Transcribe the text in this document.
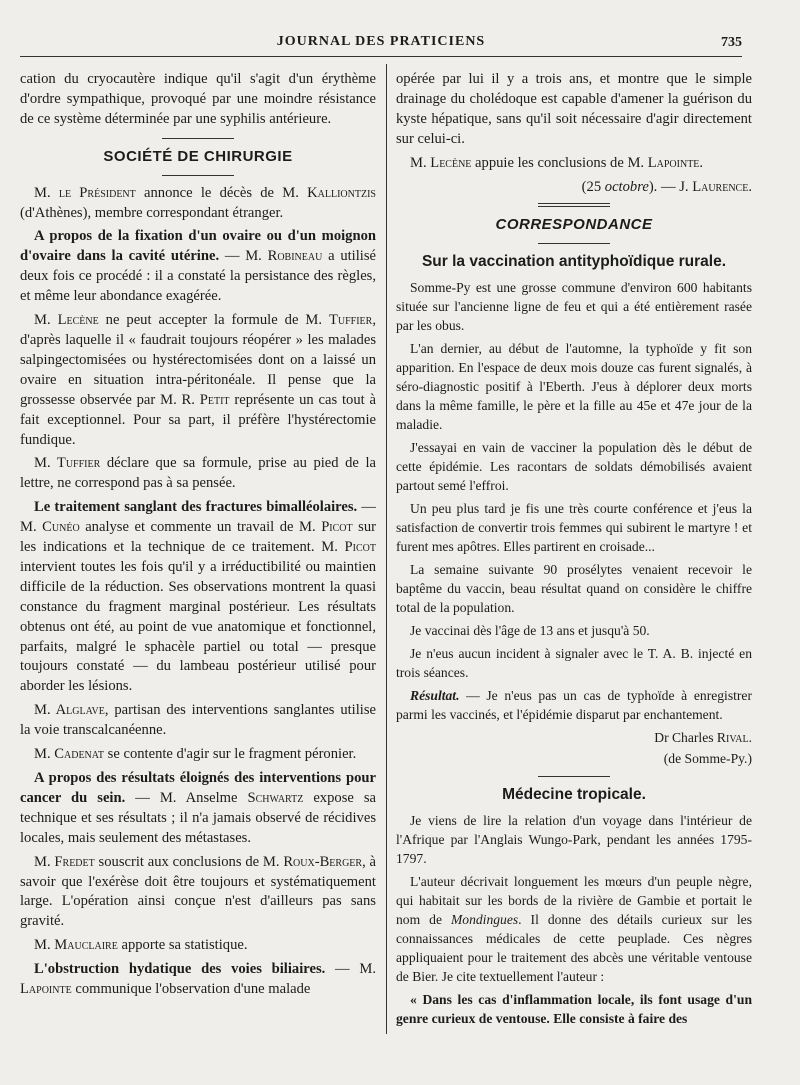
JOURNAL DES PRATICIENS	735

cation du cryocautère indique qu'il s'agit d'un érythème d'ordre sympathique, provoqué par une moindre résistance de ce système déterminée par une syphilis antérieure.

SOCIÉTÉ DE CHIRURGIE

M. le Président annonce le décès de M. Kalliontzis (d'Athènes), membre correspondant étranger.

A propos de la fixation d'un ovaire ou d'un moignon d'ovaire dans la cavité utérine. — M. Robineau a utilisé deux fois ce procédé : il a constaté la persistance des règles, et même leur abondance exagérée.

M. Lecène ne peut accepter la formule de M. Tuffier, d'après laquelle il « faudrait toujours réopérer » les malades salpingectomisées ou hystérectomisées dont on a laissé un ovaire en situation intra-péritonéale. Il pense que la grossesse observée par M. R. Petit représente un cas tout à fait exceptionnel. Pour sa part, il préfère l'hystérectomie fundique.

M. Tuffier déclare que sa formule, prise au pied de la lettre, ne correspond pas à sa pensée.

Le traitement sanglant des fractures bimalléolaires. — M. Cunéo analyse et commente un travail de M. Picot sur les indications et la technique de ce traitement. M. Picot intervient toutes les fois qu'il y a irréductibilité ou maintien difficile de la réduction. Ses observations montrent la quasi constance du fragment marginal postérieur. Les résultats obtenus ont été, au point de vue anatomique et fonctionnel, parfaits, malgré le sphacèle partiel ou total — presque toujours constaté — du lambeau postérieur utilisé pour aborder les lésions.

M. Alglave, partisan des interventions sanglantes utilise la voie transcalcanéenne.

M. Cadenat se contente d'agir sur le fragment péronier.

A propos des résultats éloignés des interventions pour cancer du sein. — M. Anselme Schwartz expose sa technique et ses résultats ; il n'a jamais observé de récidives locales, mais seulement des métastases.

M. Fredet souscrit aux conclusions de M. Roux-Berger, à savoir que l'exérèse doit être toujours et systématiquement large. L'opération ainsi conçue n'est d'ailleurs pas sans gravité.

M. Mauclaire apporte sa statistique.

L'obstruction hydatique des voies biliaires. — M. Lapointe communique l'observation d'une malade

opérée par lui il y a trois ans, et montre que le simple drainage du cholédoque est capable d'amener la guérison du kyste hépatique, sans qu'il soit nécessaire d'agir directement sur celui-ci.

M. Lecène appuie les conclusions de M. Lapointe.

(25 octobre). — J. Laurence.

CORRESPONDANCE
Sur la vaccination antityphoïdique rurale.

Somme-Py est une grosse commune d'environ 600 habitants située sur l'ancienne ligne de feu et qui a été entièrement rasée par les obus.

L'an dernier, au début de l'automne, la typhoïde y fit son apparition. En l'espace de deux mois douze cas furent signalés, à séro-diagnostic positif à l'Eberth. J'eus à déplorer deux morts dans la même famille, le père et la fille au 45e et 47e jour de la maladie.

J'essayai en vain de vacciner la population dès le début de cette épidémie. Les racontars de soldats démobilisés avaient partout semé l'effroi.

Un peu plus tard je fis une très courte conférence et j'eus la satisfaction de convertir trois femmes qui subirent le martyre ! et furent mes apôtres. Elles partirent en croisade...

La semaine suivante 90 prosélytes venaient recevoir le baptême du vaccin, beau résultat quand on considère le chiffre total de la population.

Je vaccinai dès l'âge de 13 ans et jusqu'à 50.

Je n'eus aucun incident à signaler avec le T. A. B. injecté en trois séances.

Résultat. — Je n'eus pas un cas de typhoïde à enregistrer parmi les vaccinés, et l'épidémie disparut par enchantement.

Dr Charles Rival.

(de Somme-Py.)

Médecine tropicale.

Je viens de lire la relation d'un voyage dans l'intérieur de l'Afrique par l'Anglais Wungo-Park, pendant les années 1795-1797.

L'auteur décrivait longuement les mœurs d'un peuple nègre, qui habitait sur les bords de la rivière de Gambie et portait le nom de Mondingues. Il donne des détails curieux sur les connaissances médicales de cette peuplade. Ces nègres appliquaient pour le traitement des abcès une véritable ventouse de Bier. Je cite textuellement l'auteur :

« Dans les cas d'inflammation locale, ils font usage d'un genre curieux de ventouse. Elle consiste à faire des
